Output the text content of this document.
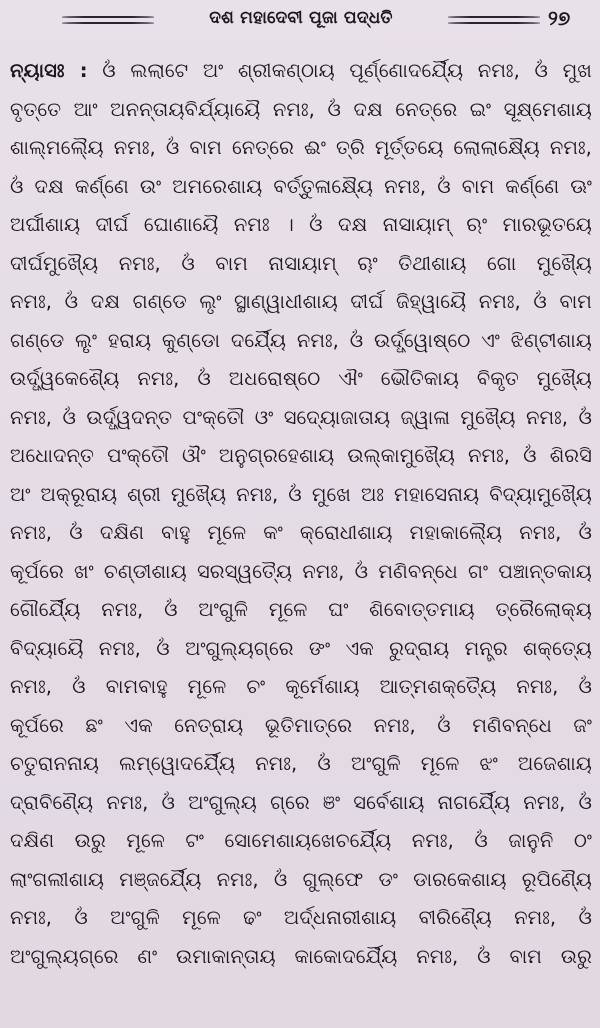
ଦଶ ମହାଦେବୀ ପୂଜା ପଦ୍ଧତି	୨୭
ନ୍ୟାସଃ : ଓଁ ଲଲାଟେ ଅଂ ଶ୍ରୀକଣ୍ଠାୟ ପୂର୍ଣ୍ଣୋଦର୍ଯ୍ୟୈ ନମଃ, ଓଁ ମୁଖ
ବୃତ୍ତେ ଆଂ ଅନନ୍ତାୟବିର୍ଯ୍ୟାୟୈ ନମଃ, ଓଁ ଦକ୍ଷ ନେତ୍ରେ ଇଂ ସୂକ୍ଷ୍ମେଶାୟ
ଶାଲ୍ମଲ୍ୟୈ ନମଃ, ଓଁ ବାମ ନେତ୍ରେ ଈଂ ତ୍ରି ମୂର୍ତ୍ତୟେ ଲୋଲାକ୍ଷ୍ୟୈ ନମଃ,
ଓଁ ଦକ୍ଷ କର୍ଣ୍ଣେ ଉଂ ଅମରେଶାୟ ବର୍ତ୍ତୁଳାକ୍ଷ୍ୟୈ ନମଃ, ଓଁ ବାମ କର୍ଣ୍ଣେ ଊଂ
ଅର୍ଘୀଶାୟ ଦୀର୍ଘ ଘୋଣାୟୈ ନମଃ । ଓଁ ଦକ୍ଷ ନାସାୟାମ୍ ଋଂ ମାରଭୂତୟେ
ଦୀର୍ଘମୁଖ୍ୟୈ ନମଃ, ଓଁ ବାମ ନାସାୟାମ୍ ୠଂ ତିଥୀଶାୟ ଗୋ ମୁଖ୍ୟୈ
ନମଃ, ଓଁ ଦକ୍ଷ ଗଣ୍ଡେ ଲୃଂ ସ୍ଥାଣ୍ୱାଧୀଶାୟ ଦୀର୍ଘ ଜିହ୍ୱାୟୈ ନମଃ, ଓଁ ବାମ
ଗଣ୍ଡେ ଲୄଂ ହରାୟ କୁଣ୍ଡୋ ଦର୍ଯ୍ୟୈ ନମଃ, ଓଁ ଉର୍ଦ୍ଧ୍ୱୋଷ୍ଠେ ଏଂ ଝିଣ୍ଟୀଶାୟ
ଉର୍ଦ୍ଧ୍ୱକେଶ୍ୟୈ ନମଃ, ଓଁ ଅଧରୋଷ୍ଠେ ଐଂ ଭୌତିକାୟ ବିକୃତ ମୁଖ୍ୟୈ
ନମଃ, ଓଁ ଉର୍ଦ୍ଧ୍ୱଦନ୍ତ ପଂକ୍ତୌ ଓଂ ସଦ୍ୟୋଜାତାୟ ଜ୍ୱାଳା ମୁଖ୍ୟୈ ନମଃ, ଓଁ
ଅଧୋଦନ୍ତ ପଂକ୍ତୌ ଔଂ ଅନୁଗ୍ରହେଶାୟ ଉଲ୍କାମୁଖ୍ୟୈ ନମଃ, ଓଁ ଶିରସି
ଅଂ ଅକ୍ରୂରାୟ ଶ୍ରୀ ମୁଖ୍ୟୈ ନମଃ, ଓଁ ମୁଖେ ଅଃ ମହାସେନାୟ ବିଦ୍ୟାମୁଖ୍ୟୈ
ନମଃ, ଓଁ ଦକ୍ଷିଣ ବାହୁ ମୂଳେ କଂ କ୍ରୋଧୀଶାୟ ମହାକାଲ୍ୟୈ ନମଃ, ଓଁ
କୂର୍ପରେ ଖଂ ଚଣ୍ଡୀଶାୟ ସରସ୍ୱତ୍ୟୈ ନମଃ, ଓଁ ମଣିବନ୍ଧେ ଗଂ ପଞ୍ଚାନ୍ତକାୟ
ଗୌର୍ଯ୍ୟୈ ନମଃ, ଓଁ ଅଂଗୁଳି ମୂଳେ ଘଂ ଶିବୋତ୍ତମାୟ ତ୍ରୈଲୋକ୍ୟ
ବିଦ୍ୟାୟୈ ନମଃ, ଓଁ ଅଂଗୁଲ୍ୟଗ୍ରେ ଙଂ ଏକ ରୁଦ୍ରାୟ ମନ୍ତ୍ର ଶକ୍ତ୍ୟେ
ନମଃ, ଓଁ ବାମବାହୁ ମୂଳେ ଚଂ କୂର୍ମେଶାୟ ଆତ୍ମଶକ୍ତ୍ୟୈ ନମଃ, ଓଁ
କୂର୍ପରେ ଛଂ ଏକ ନେତ୍ରାୟ ଭୂତିମାତ୍ରେ ନମଃ, ଓଁ ମଣିବନ୍ଧେ ଜଂ
ଚତୁରାନନାୟ ଲମ୍ୱୋଦର୍ଯ୍ୟୈ ନମଃ, ଓଁ ଅଂଗୁଳି ମୂଳେ ଝଂ ଅଜେଶାୟ
ଦ୍ରାବିଣ୍ୟୈ ନମଃ, ଓଁ ଅଂଗୁଲ୍ୟ ଗ୍ରେ ଞଂ ସର୍ବେଶାୟ ନାଗର୍ଯ୍ୟୈ ନମଃ, ଓଁ
ଦକ୍ଷିଣ ଉରୁ ମୂଳେ ଟଂ ସୋମେଶାୟଖେଚର୍ଯ୍ୟୈ ନମଃ, ଓଁ ଜାନୁନି ଠଂ
ଲାଂଗଲୀଶାୟ ମଞ୍ଜର୍ଯ୍ୟୈ ନମଃ, ଓଁ ଗୁଲ୍‌ଫେ ଡଂ ଡାରକେଶାୟ ରୂପିଣ୍ୟୈ
ନମଃ, ଓଁ ଅଂଗୁଳି ମୂଳେ ଢଂ ଅର୍ଦ୍ଧନାରୀଶାୟ ବୀରିଣ୍ୟୈ ନମଃ, ଓଁ
ଅଂଗୁଲ୍ୟଗ୍ରେ ଣଂ ଉମାକାନ୍ତାୟ କାକୋଦର୍ଯ୍ୟୈ ନମଃ, ଓଁ ବାମ ଉରୁ
